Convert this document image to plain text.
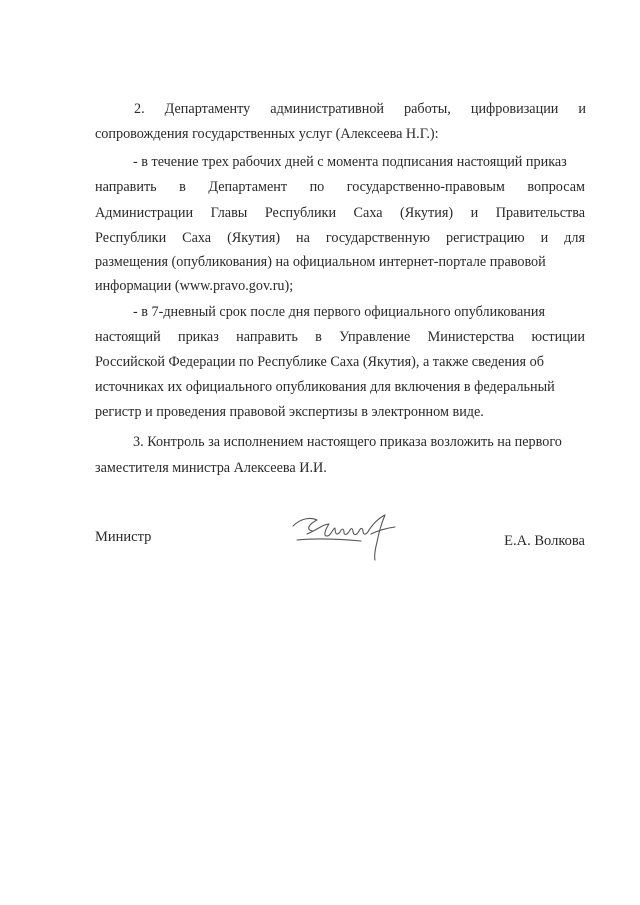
2. Департаменту административной работы, цифровизации и
сопровождения государственных услуг (Алексеева Н.Г.):
- в течение трех рабочих дней с момента подписания настоящий приказ
направить в Департамент по государственно-правовым вопросам
Администрации Главы Республики Саха (Якутия) и Правительства
Республики Саха (Якутия) на государственную регистрацию и для
размещения (опубликования) на официальном интернет-портале правовой
информации (www.pravo.gov.ru);
- в 7-дневный срок после дня первого официального опубликования
настоящий приказ направить в Управление Министерства юстиции
Российской Федерации по Республике Саха (Якутия), а также сведения об
источниках их официального опубликования для включения в федеральный
регистр и проведения правовой экспертизы в электронном виде.
3. Контроль за исполнением настоящего приказа возложить на первого
заместителя министра Алексеева И.И.
Министр	Е.А. Волкова
